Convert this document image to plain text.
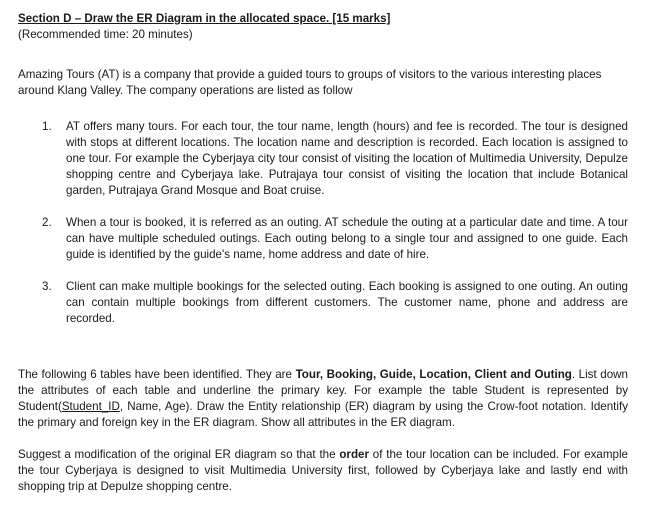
Section D – Draw the ER Diagram in the allocated space. [15 marks]

(Recommended time: 20 minutes)

Amazing Tours (AT) is a company that provide a guided tours to groups of visitors to the various interesting places around Klang Valley. The company operations are listed as follow

1. AT offers many tours. For each tour, the tour name, length (hours) and fee is recorded. The tour is designed with stops at different locations. The location name and description is recorded. Each location is assigned to one tour. For example the Cyberjaya city tour consist of visiting the location of Multimedia University, Depulze shopping centre and Cyberjaya lake. Putrajaya tour consist of visiting the location that include Botanical garden, Putrajaya Grand Mosque and Boat cruise.
2. When a tour is booked, it is referred as an outing. AT schedule the outing at a particular date and time. A tour can have multiple scheduled outings. Each outing belong to a single tour and assigned to one guide. Each guide is identified by the guide's name, home address and date of hire.
3. Client can make multiple bookings for the selected outing. Each booking is assigned to one outing. An outing can contain multiple bookings from different customers. The customer name, phone and address are recorded.

The following 6 tables have been identified. They are Tour, Booking, Guide, Location, Client and Outing. List down the attributes of each table and underline the primary key. For example the table Student is represented by Student(Student_ID, Name, Age). Draw the Entity relationship (ER) diagram by using the Crow-foot notation. Identify the primary and foreign key in the ER diagram. Show all attributes in the ER diagram.

Suggest a modification of the original ER diagram so that the order of the tour location can be included. For example the tour Cyberjaya is designed to visit Multimedia University first, followed by Cyberjaya lake and lastly end with shopping trip at Depulze shopping centre.
